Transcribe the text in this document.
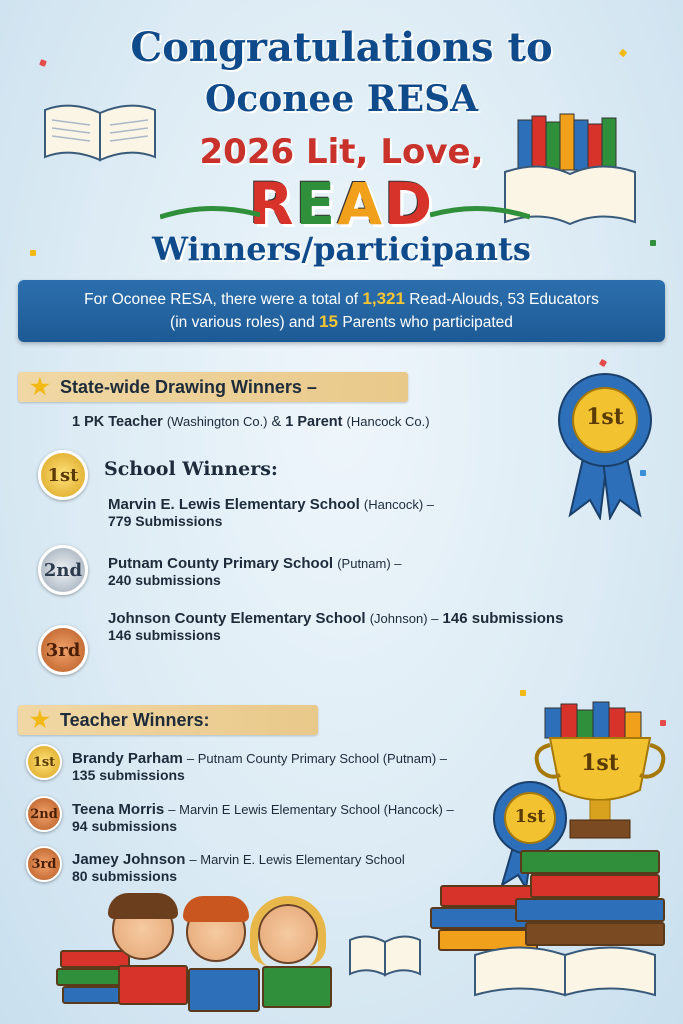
Congratulations to
Oconee RESA
2026 Lit, Love,
READ
Winners/participants
For Oconee RESA, there were a total of 1,321 Read-Alouds, 53 Educators
(in various roles) and 15 Parents who participated
★ State-wide Drawing Winners –
1 PK Teacher (Washington Co.) & 1 Parent (Hancock Co.)	1st
1st	School Winners:
Marvin E. Lewis Elementary School (Hancock) –
779 Submissions
2nd	Putnam County Primary School (Putnam) –
240 submissions
3rd
Johnson County Elementary School (Johnson) – 146 submissions
146 submissions
★ Teacher Winners:
1st	Brandy Parham – Putnam County Primary School (Putnam) –
135 submissions
2nd Teena Morris – Marvin E Lewis Elementary School (Hancock) –
94 submissions
3rd	Jamey Johnson – Marvin E. Lewis Elementary School
80 submissions
1st
1st
